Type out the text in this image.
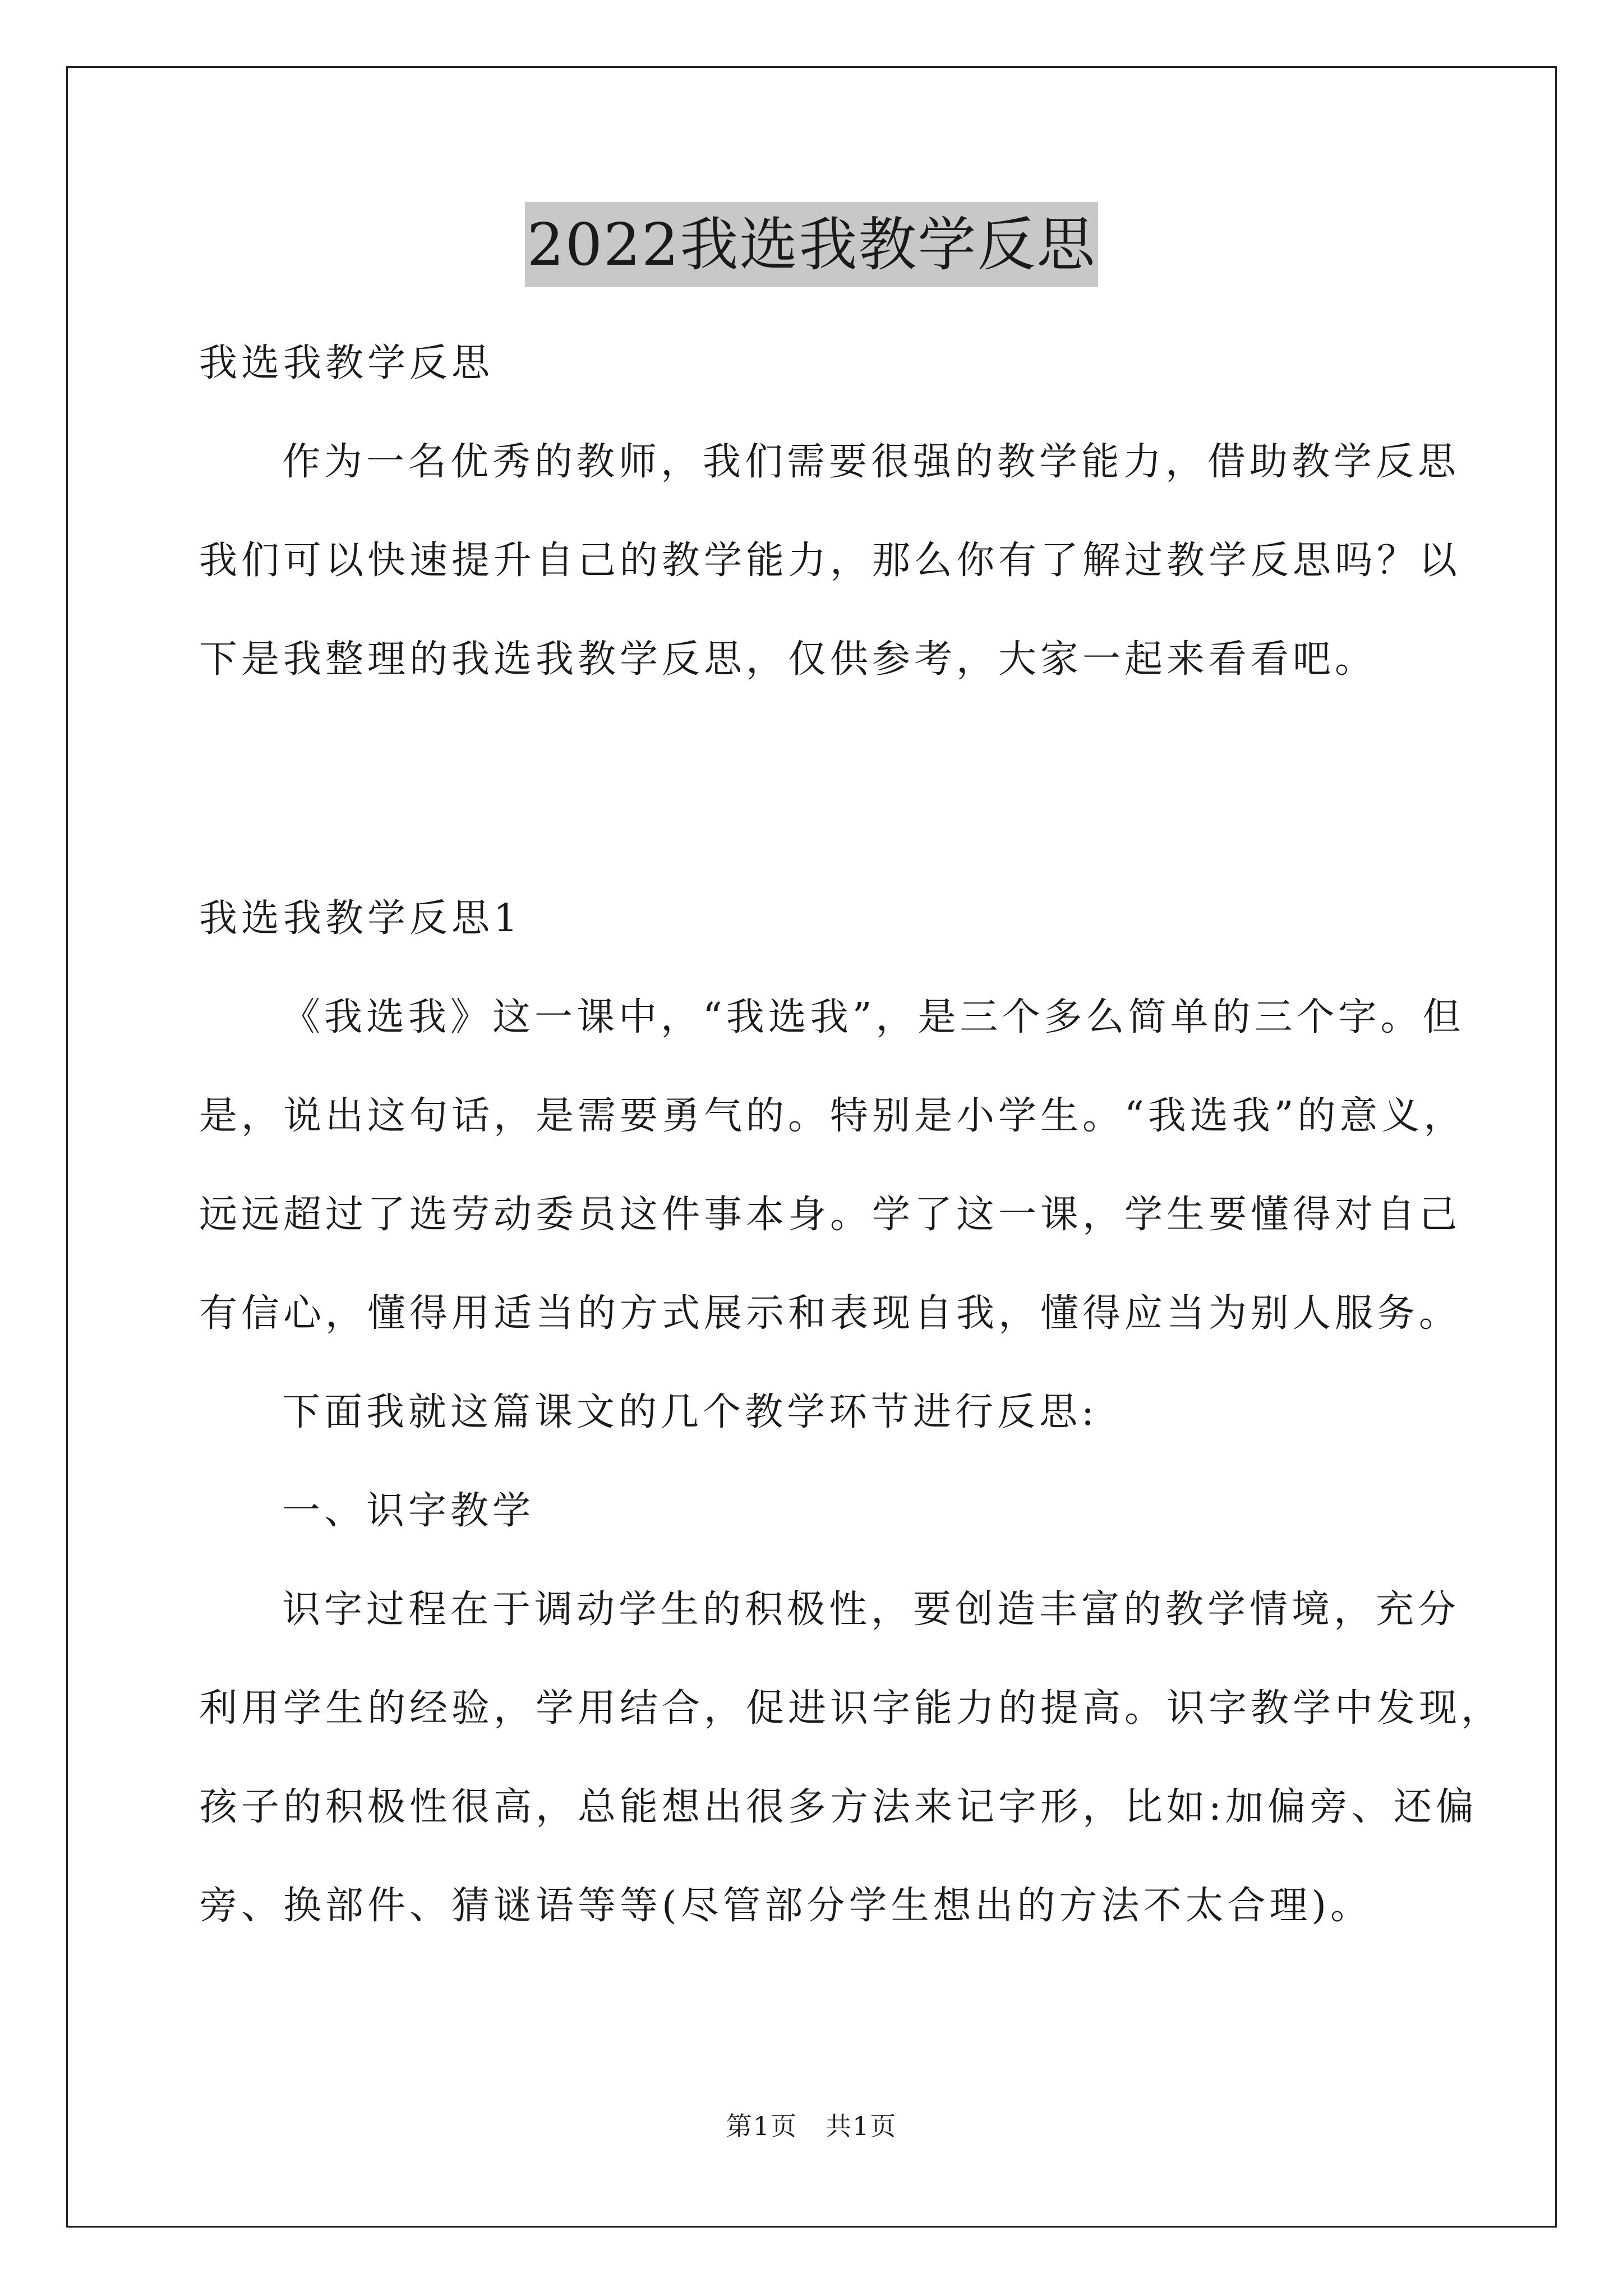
2022我选我教学反思
我选我教学反思
作为一名优秀的教师，我们需要很强的教学能力，借助教学反思
我们可以快速提升自己的教学能力，那么你有了解过教学反思吗？以
下是我整理的我选我教学反思，仅供参考，大家一起来看看吧。
我选我教学反思1
《我选我》这一课中，“我选我”，是三个多么简单的三个字。但
是，说出这句话，是需要勇气的。特别是小学生。“我选我”的意义，
远远超过了选劳动委员这件事本身。学了这一课，学生要懂得对自己
有信心，懂得用适当的方式展示和表现自我，懂得应当为别人服务。
下面我就这篇课文的几个教学环节进行反思:
一、识字教学
识字过程在于调动学生的积极性，要创造丰富的教学情境，充分
利用学生的经验，学用结合，促进识字能力的提高。识字教学中发现，
孩子的积极性很高，总能想出很多方法来记字形，比如:加偏旁、还偏
旁、换部件、猜谜语等等(尽管部分学生想出的方法不太合理)。
第1页 共1页
